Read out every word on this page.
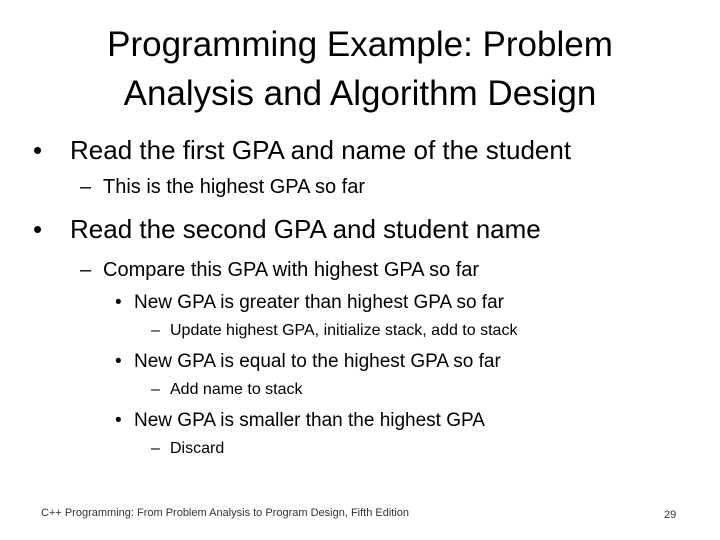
Programming Example: Problem
Analysis and Algorithm Design
• Read the first GPA and name of the student
– This is the highest GPA so far
• Read the second GPA and student name
– Compare this GPA with highest GPA so far
• New GPA is greater than highest GPA so far
– Update highest GPA, initialize stack, add to stack
• New GPA is equal to the highest GPA so far
– Add name to stack
• New GPA is smaller than the highest GPA
– Discard
C++ Programming: From Problem Analysis to Program Design, Fifth Edition	29
